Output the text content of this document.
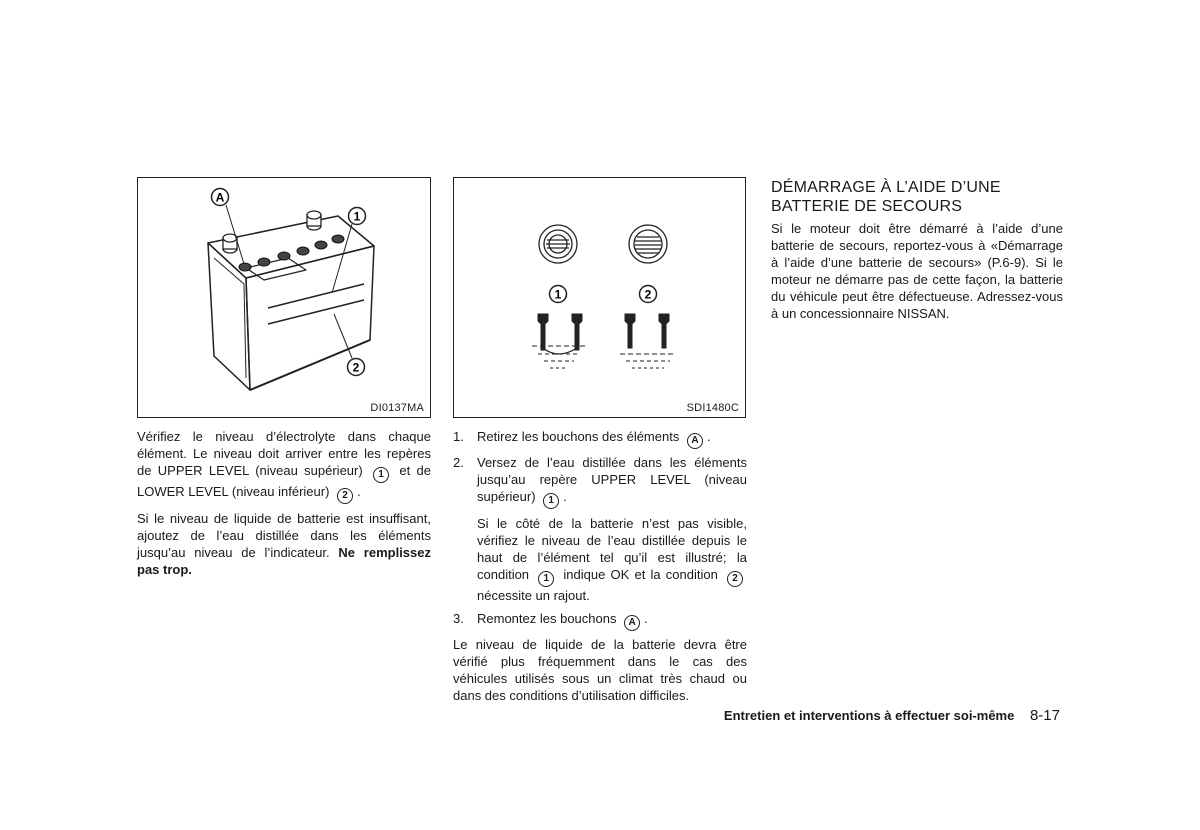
A
1
2
DI0137MA
1	2
SDI1480C

Vérifiez le niveau d’électrolyte dans chaque élément. Le niveau doit arriver entre les repères de UPPER LEVEL (niveau supérieur) 1 et de LOWER LEVEL (niveau inférieur) 2 .

Si le niveau de liquide de batterie est insuffisant, ajoutez de l’eau distillée dans les éléments jusqu’au niveau de l’indicateur. Ne remplissez pas trop.

1. Retirez les bouchons des éléments A .
2. Versez de l’eau distillée dans les éléments jusqu’au repère UPPER LEVEL (niveau supérieur) 1 .

Si le côté de la batterie n’est pas visible, vérifiez le niveau de l’eau distillée depuis le haut de l’élément tel qu’il est illustré; la condition 1 indique OK et la condition 2 nécessite un rajout.

3. Remontez les bouchons A .

Le niveau de liquide de la batterie devra être vérifié plus fréquemment dans le cas des véhicules utilisés sous un climat très chaud ou dans des conditions d’utilisation difficiles.

DÉMARRAGE À L’AIDE D’UNE BATTERIE DE SECOURS

Si le moteur doit être démarré à l’aide d’une batterie de secours, reportez-vous à «Démarrage à l’aide d’une batterie de secours» (P.6-9). Si le moteur ne démarre pas de cette façon, la batterie du véhicule peut être défectueuse. Adressez-vous à un concessionnaire NISSAN.

Entretien et interventions à effectuer soi-même 8-17
